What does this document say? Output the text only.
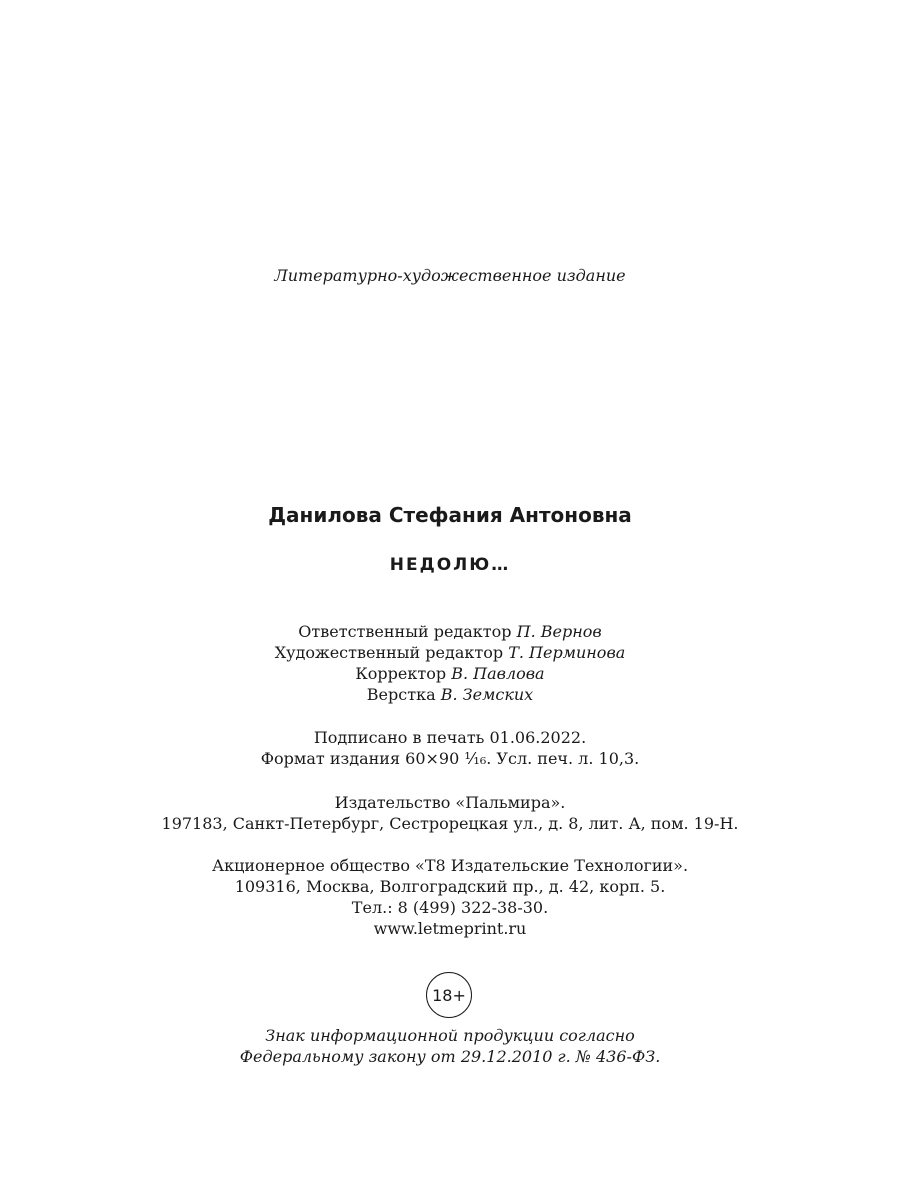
Литературно-художественное издание
Данилова Стефания Антоновна
НЕДОЛЮ…
Ответственный редактор П. Вернов
Художественный редактор Т. Перминова
Корректор В. Павлова
Верстка В. Земских
Подписано в печать 01.06.2022.
Формат издания 60×90 ¹⁄₁₆. Усл. печ. л. 10,3.
Издательство «Пальмира».
197183, Санкт-Петербург, Сестрорецкая ул., д. 8, лит. А, пом. 19-Н.
Акционерное общество «Т8 Издательские Технологии».
109316, Москва, Волгоградский пр., д. 42, корп. 5.
Тел.: 8 (499) 322-38-30.
www.letmeprint.ru
18+
Знак информационной продукции согласно
Федеральному закону от 29.12.2010 г. № 436-ФЗ.
